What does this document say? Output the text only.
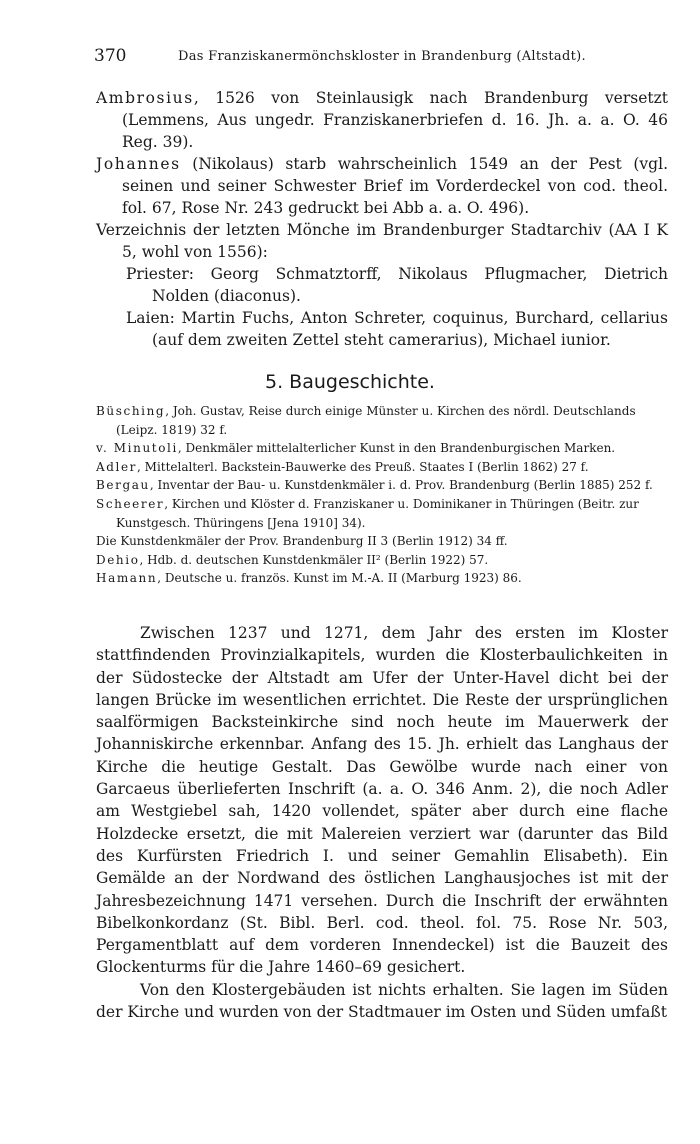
370	Das Franziskanermönchskloster in Brandenburg (Altstadt).

Ambrosius, 1526 von Steinlausigk nach Brandenburg versetzt (Lemmens, Aus ungedr. Franziskanerbriefen d. 16. Jh. a. a. O. 46 Reg. 39).

Johannes (Nikolaus) starb wahrscheinlich 1549 an der Pest (vgl. seinen und seiner Schwester Brief im Vorderdeckel von cod. theol. fol. 67, Rose Nr. 243 gedruckt bei Abb a. a. O. 496).

Verzeichnis der letzten Mönche im Brandenburger Stadtarchiv (AA I K 5, wohl von 1556):

Priester: Georg Schmatztorff, Nikolaus Pflugmacher, Dietrich Nolden (diaconus).

Laien: Martin Fuchs, Anton Schreter, coquinus, Burchard, cellarius (auf dem zweiten Zettel steht camerarius), Michael iunior.

5. Baugeschichte.

Büsching, Joh. Gustav, Reise durch einige Münster u. Kirchen des nördl. Deutschlands (Leipz. 1819) 32 f.

v. Minutoli, Denkmäler mittelalterlicher Kunst in den Brandenburgischen Marken.

Adler, Mittelalterl. Backstein-Bauwerke des Preuß. Staates I (Berlin 1862) 27 f.

Bergau, Inventar der Bau- u. Kunstdenkmäler i. d. Prov. Brandenburg (Berlin 1885) 252 f.

Scheerer, Kirchen und Klöster d. Franziskaner u. Dominikaner in Thüringen (Beitr. zur Kunstgesch. Thüringens [Jena 1910] 34).

Die Kunstdenkmäler der Prov. Brandenburg II 3 (Berlin 1912) 34 ff.

Dehio, Hdb. d. deutschen Kunstdenkmäler II² (Berlin 1922) 57.

Hamann, Deutsche u. französ. Kunst im M.-A. II (Marburg 1923) 86.

Zwischen 1237 und 1271, dem Jahr des ersten im Kloster stattfindenden Provinzialkapitels, wurden die Klosterbaulichkeiten in der Südostecke der Altstadt am Ufer der Unter-Havel dicht bei der langen Brücke im wesentlichen errichtet. Die Reste der ursprünglichen saalförmigen Backsteinkirche sind noch heute im Mauerwerk der Johanniskirche erkennbar. Anfang des 15. Jh. erhielt das Langhaus der Kirche die heutige Gestalt. Das Gewölbe wurde nach einer von Garcaeus überlieferten Inschrift (a. a. O. 346 Anm. 2), die noch Adler am Westgiebel sah, 1420 vollendet, später aber durch eine flache Holzdecke ersetzt, die mit Malereien verziert war (darunter das Bild des Kurfürsten Friedrich I. und seiner Gemahlin Elisabeth). Ein Gemälde an der Nordwand des östlichen Langhausjoches ist mit der Jahresbezeichnung 1471 versehen. Durch die Inschrift der erwähnten Bibelkonkordanz (St. Bibl. Berl. cod. theol. fol. 75. Rose Nr. 503, Pergamentblatt auf dem vorderen Innendeckel) ist die Bauzeit des Glockenturms für die Jahre 1460–69 gesichert.

Von den Klostergebäuden ist nichts erhalten. Sie lagen im Süden der Kirche und wurden von der Stadtmauer im Osten und Süden umfaßt
